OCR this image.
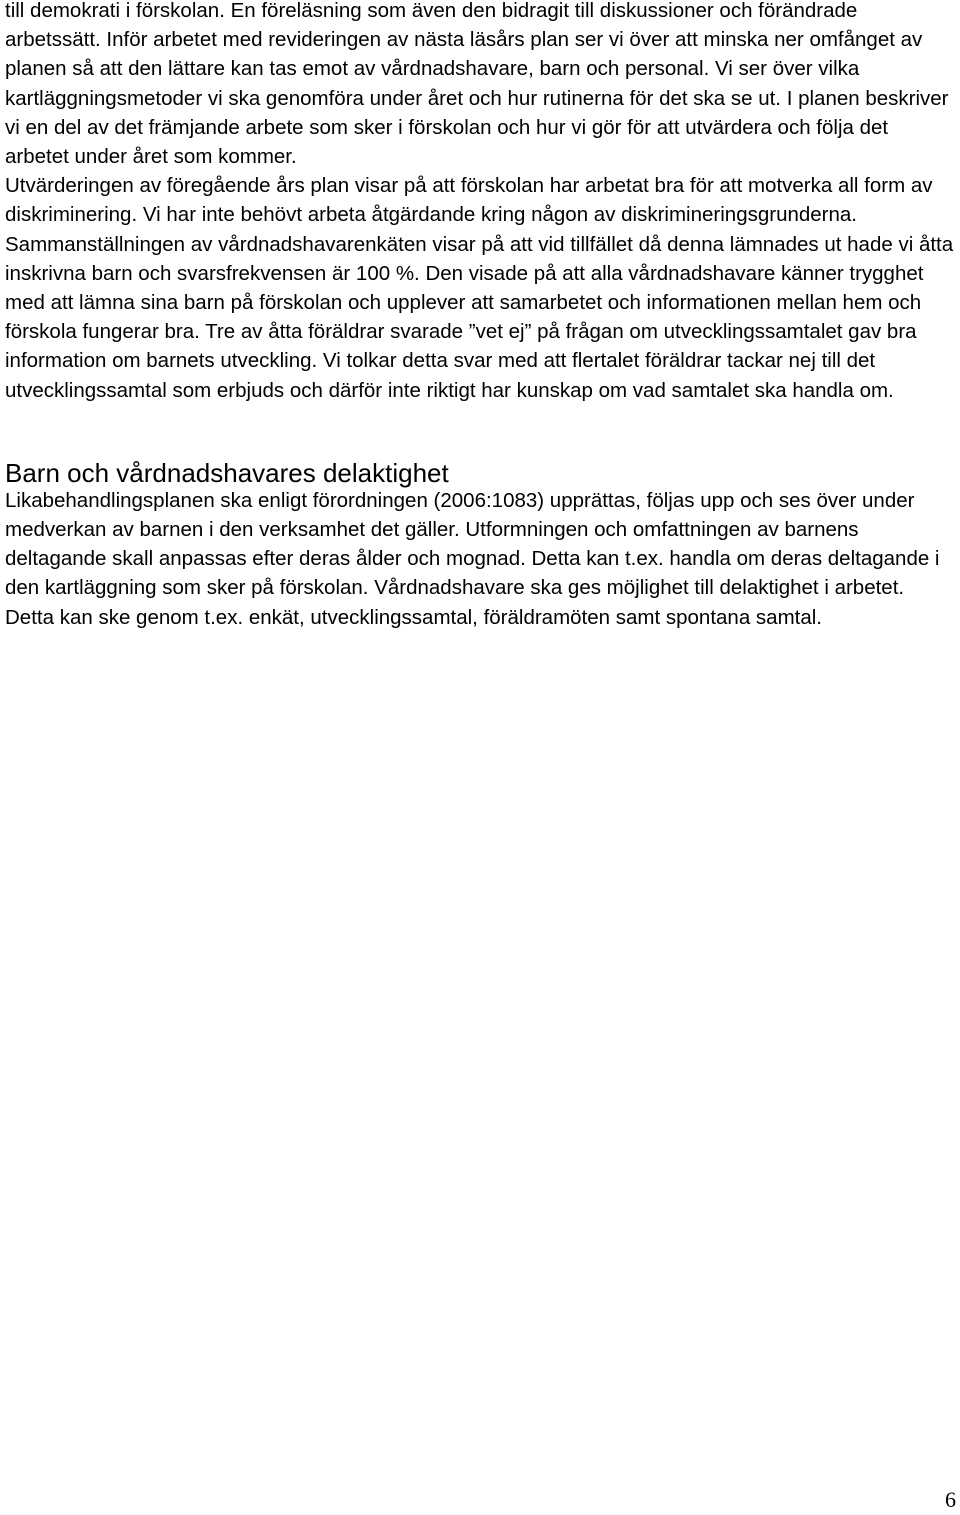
till demokrati i förskolan. En föreläsning som även den bidragit till diskussioner och förändrade arbetssätt. Inför arbetet med revideringen av nästa läsårs plan ser vi över att minska ner omfånget av planen så att den lättare kan tas emot av vårdnadshavare, barn och personal. Vi ser över vilka kartläggningsmetoder vi ska genomföra under året och hur rutinerna för det ska se ut. I planen beskriver vi en del av det främjande arbete som sker i förskolan och hur vi gör för att utvärdera och följa det arbetet under året som kommer.

Utvärderingen av föregående års plan visar på att förskolan har arbetat bra för att motverka all form av diskriminering. Vi har inte behövt arbeta åtgärdande kring någon av diskrimineringsgrunderna. Sammanställningen av vårdnadshavarenkäten visar på att vid tillfället då denna lämnades ut hade vi åtta inskrivna barn och svarsfrekvensen är 100 %. Den visade på att alla vårdnadshavare känner trygghet med att lämna sina barn på förskolan och upplever att samarbetet och informationen mellan hem och förskola fungerar bra. Tre av åtta föräldrar svarade ”vet ej” på frågan om utvecklingssamtalet gav bra information om barnets utveckling. Vi tolkar detta svar med att flertalet föräldrar tackar nej till det utvecklingssamtal som erbjuds och därför inte riktigt har kunskap om vad samtalet ska handla om.

Barn och vårdnadshavares delaktighet

Likabehandlingsplanen ska enligt förordningen (2006:1083) upprättas, följas upp och ses över under medverkan av barnen i den verksamhet det gäller. Utformningen och omfattningen av barnens deltagande skall anpassas efter deras ålder och mognad. Detta kan t.ex. handla om deras deltagande i den kartläggning som sker på förskolan. Vårdnadshavare ska ges möjlighet till delaktighet i arbetet. Detta kan ske genom t.ex. enkät, utvecklingssamtal, föräldramöten samt spontana samtal.

6
